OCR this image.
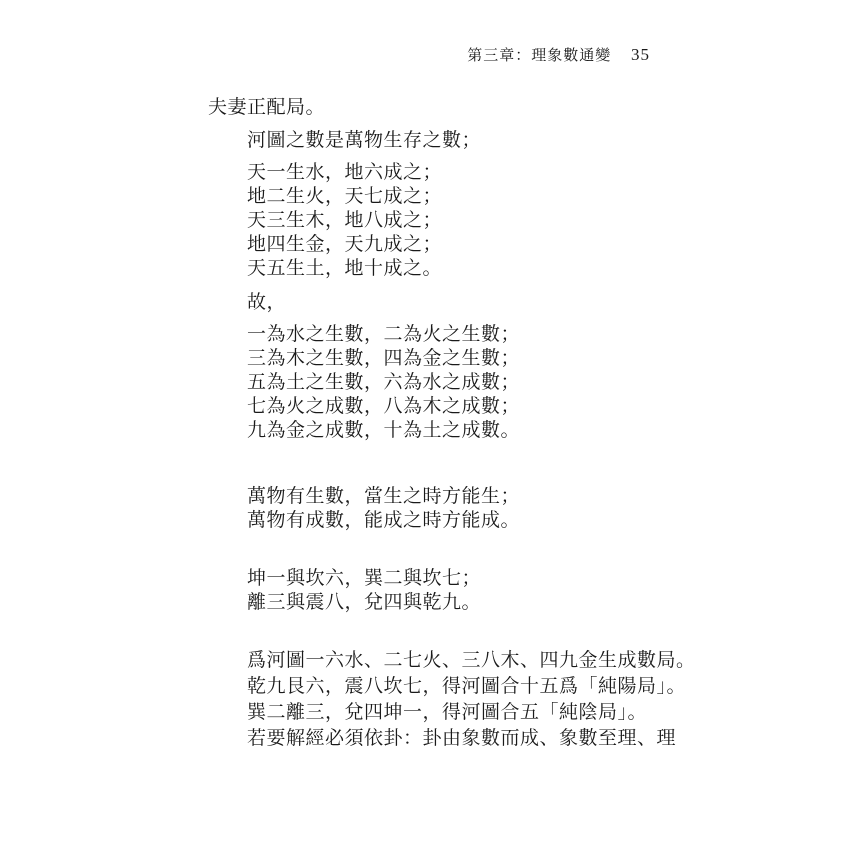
第三章：理象數通變 35
夫妻正配局。
河圖之數是萬物生存之數；
天一生水，地六成之；
地二生火，天七成之；
天三生木，地八成之；
地四生金，天九成之；
天五生土，地十成之。
故，
一為水之生數，二為火之生數；
三為木之生數，四為金之生數；
五為土之生數，六為水之成數；
七為火之成數，八為木之成數；
九為金之成數，十為土之成數。
萬物有生數，當生之時方能生；
萬物有成數，能成之時方能成。
坤一與坎六，巽二與坎七；
離三與震八，兌四與乾九。
爲河圖一六水、二七火、三八木、四九金生成數局。
乾九艮六，震八坎七，得河圖合十五爲「純陽局」。
巽二離三，兌四坤一，得河圖合五「純陰局」。
若要解經必須依卦：卦由象數而成、象數至理、理
